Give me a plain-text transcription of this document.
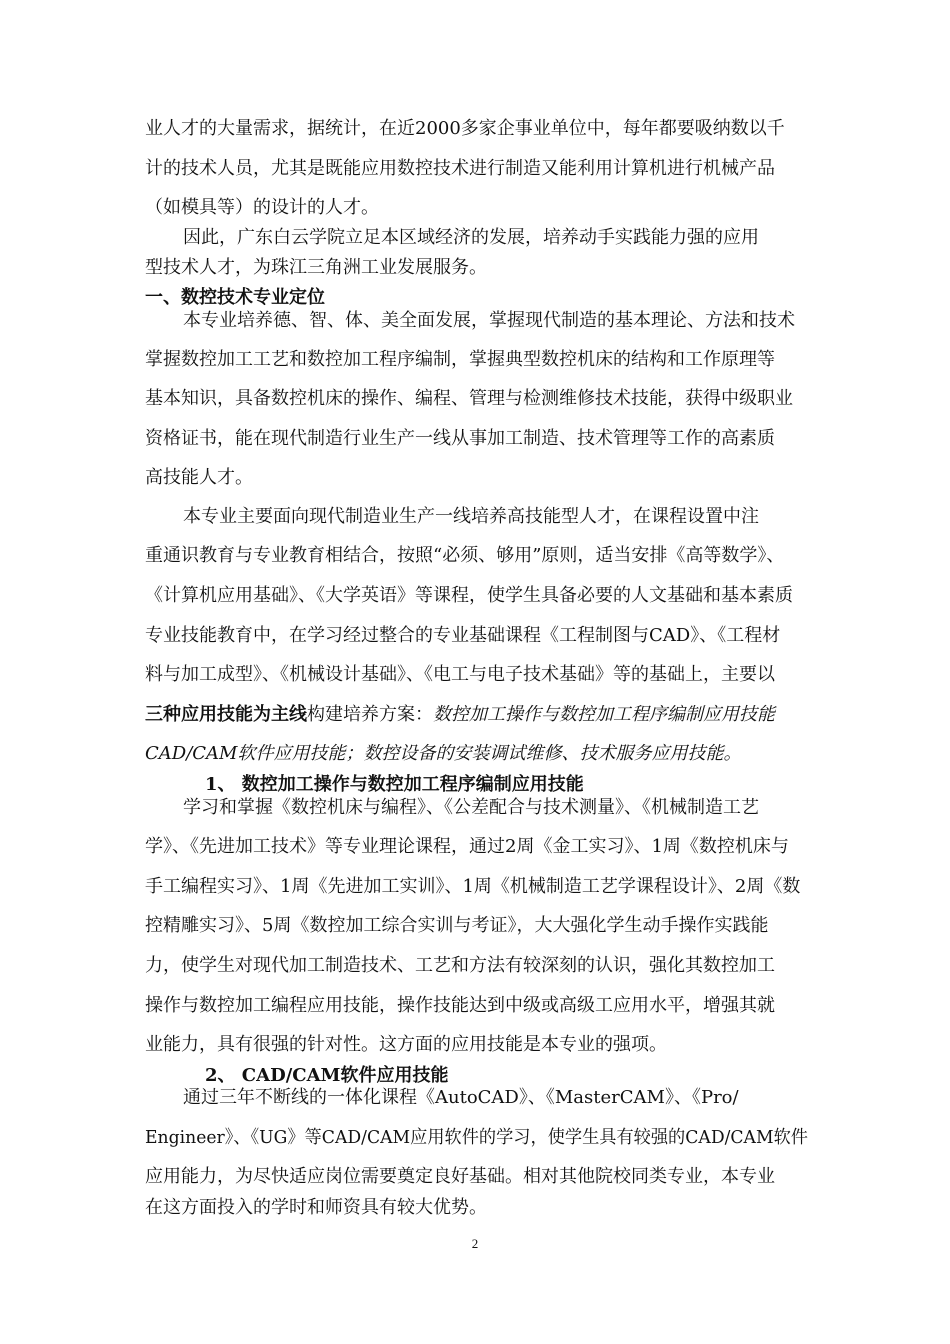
业人才的大量需求，据统计，在近2000多家企事业单位中，每年都要吸纳数以千
计的技术人员，尤其是既能应用数控技术进行制造又能利用计算机进行机械产品
（如模具等）的设计的人才。
因此，广东白云学院立足本区域经济的发展，培养动手实践能力强的应用
型技术人才，为珠江三角洲工业发展服务。
一、数控技术专业定位
本专业培养德、智、体、美全面发展，掌握现代制造的基本理论、方法和技术
掌握数控加工工艺和数控加工程序编制，掌握典型数控机床的结构和工作原理等
基本知识，具备数控机床的操作、编程、管理与检测维修技术技能，获得中级职业
资格证书，能在现代制造行业生产一线从事加工制造、技术管理等工作的高素质
高技能人才。
本专业主要面向现代制造业生产一线培养高技能型人才，在课程设置中注
重通识教育与专业教育相结合，按照“必须、够用”原则，适当安排《高等数学》、
《计算机应用基础》、《大学英语》等课程，使学生具备必要的人文基础和基本素质
专业技能教育中，在学习经过整合的专业基础课程《工程制图与CAD》、《工程材
料与加工成型》、《机械设计基础》、《电工与电子技术基础》等的基础上，主要以
三种应用技能为主线构建培养方案：数控加工操作与数控加工程序编制应用技能
CAD/CAM软件应用技能；数控设备的安装调试维修、技术服务应用技能。
1、 数控加工操作与数控加工程序编制应用技能
学习和掌握《数控机床与编程》、《公差配合与技术测量》、《机械制造工艺
学》、《先进加工技术》等专业理论课程，通过2周《金工实习》、1周《数控机床与
手工编程实习》、1周《先进加工实训》、1周《机械制造工艺学课程设计》、2周《数
控精雕实习》、5周《数控加工综合实训与考证》，大大强化学生动手操作实践能
力，使学生对现代加工制造技术、工艺和方法有较深刻的认识，强化其数控加工
操作与数控加工编程应用技能，操作技能达到中级或高级工应用水平，增强其就
业能力，具有很强的针对性。这方面的应用技能是本专业的强项。
2、 CAD/CAM软件应用技能
通过三年不断线的一体化课程《AutoCAD》、《MasterCAM》、《Pro/
Engineer》、《UG》等CAD/CAM应用软件的学习，使学生具有较强的CAD/CAM软件
应用能力，为尽快适应岗位需要奠定良好基础。相对其他院校同类专业，本专业
在这方面投入的学时和师资具有较大优势。
2
